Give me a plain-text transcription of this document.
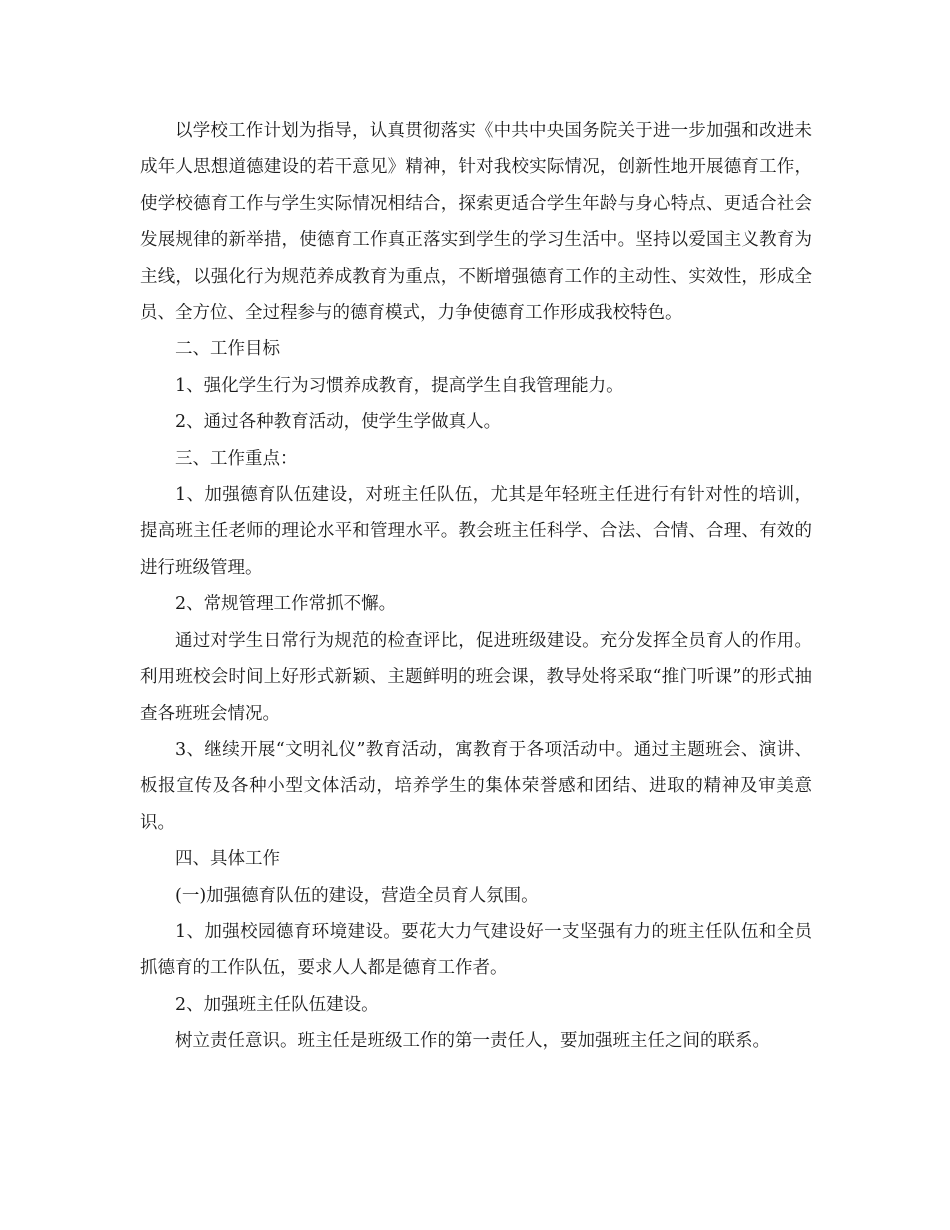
以学校工作计划为指导，认真贯彻落实《中共中央国务院关于进一步加强和改进未成年人思想道德建设的若干意见》精神，针对我校实际情况，创新性地开展德育工作，使学校德育工作与学生实际情况相结合，探索更适合学生年龄与身心特点、更适合社会发展规律的新举措，使德育工作真正落实到学生的学习生活中。坚持以爱国主义教育为主线，以强化行为规范养成教育为重点，不断增强德育工作的主动性、实效性，形成全员、全方位、全过程参与的德育模式，力争使德育工作形成我校特色。

二、工作目标

1、强化学生行为习惯养成教育，提高学生自我管理能力。

2、通过各种教育活动，使学生学做真人。

三、工作重点：

1、加强德育队伍建设，对班主任队伍，尤其是年轻班主任进行有针对性的培训，提高班主任老师的理论水平和管理水平。教会班主任科学、合法、合情、合理、有效的进行班级管理。

2、常规管理工作常抓不懈。

通过对学生日常行为规范的检查评比，促进班级建设。充分发挥全员育人的作用。利用班校会时间上好形式新颖、主题鲜明的班会课，教导处将采取“推门听课”的形式抽查各班班会情况。

3、继续开展“文明礼仪”教育活动，寓教育于各项活动中。通过主题班会、演讲、板报宣传及各种小型文体活动，培养学生的集体荣誉感和团结、进取的精神及审美意识。

四、具体工作

(一)加强德育队伍的建设，营造全员育人氛围。

1、加强校园德育环境建设。要花大力气建设好一支坚强有力的班主任队伍和全员抓德育的工作队伍，要求人人都是德育工作者。

2、加强班主任队伍建设。

树立责任意识。班主任是班级工作的第一责任人，要加强班主任之间的联系。
